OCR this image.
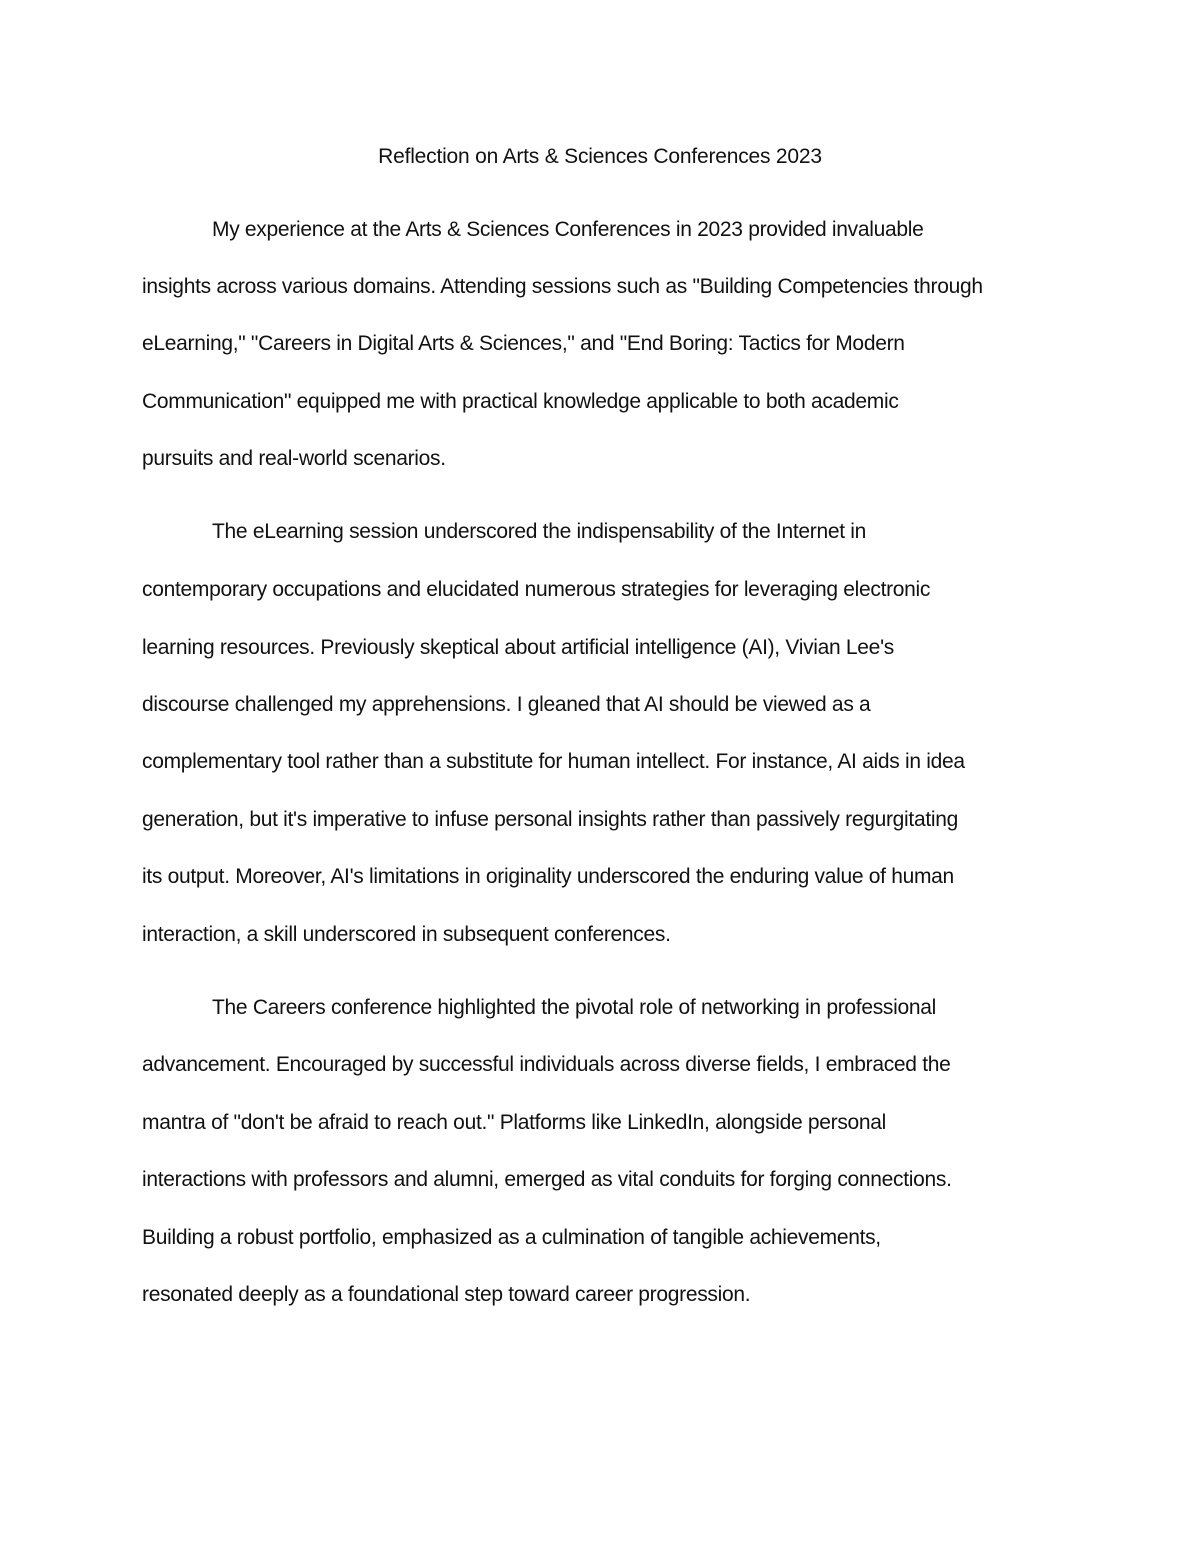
Reflection on Arts & Sciences Conferences 2023

My experience at the Arts & Sciences Conferences in 2023 provided invaluable

insights across various domains. Attending sessions such as "Building Competencies through

eLearning," "Careers in Digital Arts & Sciences," and "End Boring: Tactics for Modern

Communication" equipped me with practical knowledge applicable to both academic

pursuits and real-world scenarios.

The eLearning session underscored the indispensability of the Internet in

contemporary occupations and elucidated numerous strategies for leveraging electronic

learning resources. Previously skeptical about artificial intelligence (AI), Vivian Lee's

discourse challenged my apprehensions. I gleaned that AI should be viewed as a

complementary tool rather than a substitute for human intellect. For instance, AI aids in idea

generation, but it's imperative to infuse personal insights rather than passively regurgitating

its output. Moreover, AI's limitations in originality underscored the enduring value of human

interaction, a skill underscored in subsequent conferences.

The Careers conference highlighted the pivotal role of networking in professional

advancement. Encouraged by successful individuals across diverse fields, I embraced the

mantra of "don't be afraid to reach out." Platforms like LinkedIn, alongside personal

interactions with professors and alumni, emerged as vital conduits for forging connections.

Building a robust portfolio, emphasized as a culmination of tangible achievements,

resonated deeply as a foundational step toward career progression.
